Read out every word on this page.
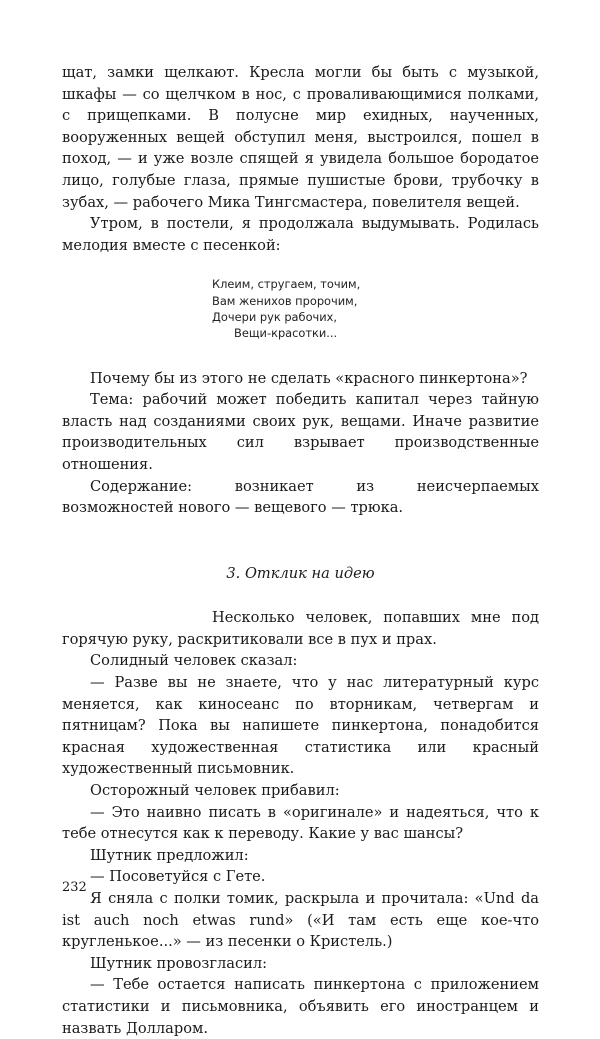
щат, замки щелкают. Кресла могли бы быть с музыкой, шкафы — со щелчком в нос, с проваливающимися полками, с прищепками. В полусне мир ехидных, наученных, вооруженных вещей обступил меня, выстроился, пошел в поход, — и уже возле спящей я увидела большое бородатое лицо, голубые глаза, прямые пушистые брови, трубочку в зубах, — рабочего Мика Тингсмастера, повелителя вещей.

Утром, в постели, я продолжала выдумывать. Родилась мелодия вместе с песенкой:

Клеим, стругаем, точим,
Вам женихов пророчим,
Дочери рук рабочих,
Вещи-красотки...

Почему бы из этого не сделать «красного пинкертона»?

Тема: рабочий может победить капитал через тайную власть над созданиями своих рук, вещами. Иначе развитие производительных сил взрывает производственные отношения.

Содержание: возникает из неисчерпаемых возможностей нового — вещевого — трюка.

3. Отклик на идею

Несколько человек, попавших мне под горячую руку, раскритиковали все в пух и прах.

Солидный человек сказал:

— Разве вы не знаете, что у нас литературный курс меняется, как киносеанс по вторникам, четвергам и пятницам? Пока вы напишете пинкертона, понадобится красная художественная статистика или красный художественный письмовник.

Осторожный человек прибавил:

— Это наивно писать в «оригинале» и надеяться, что к тебе отнесутся как к переводу. Какие у вас шансы?

Шутник предложил:

— Посоветуйся с Гете.

Я сняла с полки томик, раскрыла и прочитала: «Und da ist auch noch etwas rund» («И там есть еще кое-что кругленькое...» — из песенки о Кристель.)

Шутник провозгласил:

— Тебе остается написать пинкертона с приложением статистики и письмовника, объявить его иностранцем и назвать Долларом.

232
